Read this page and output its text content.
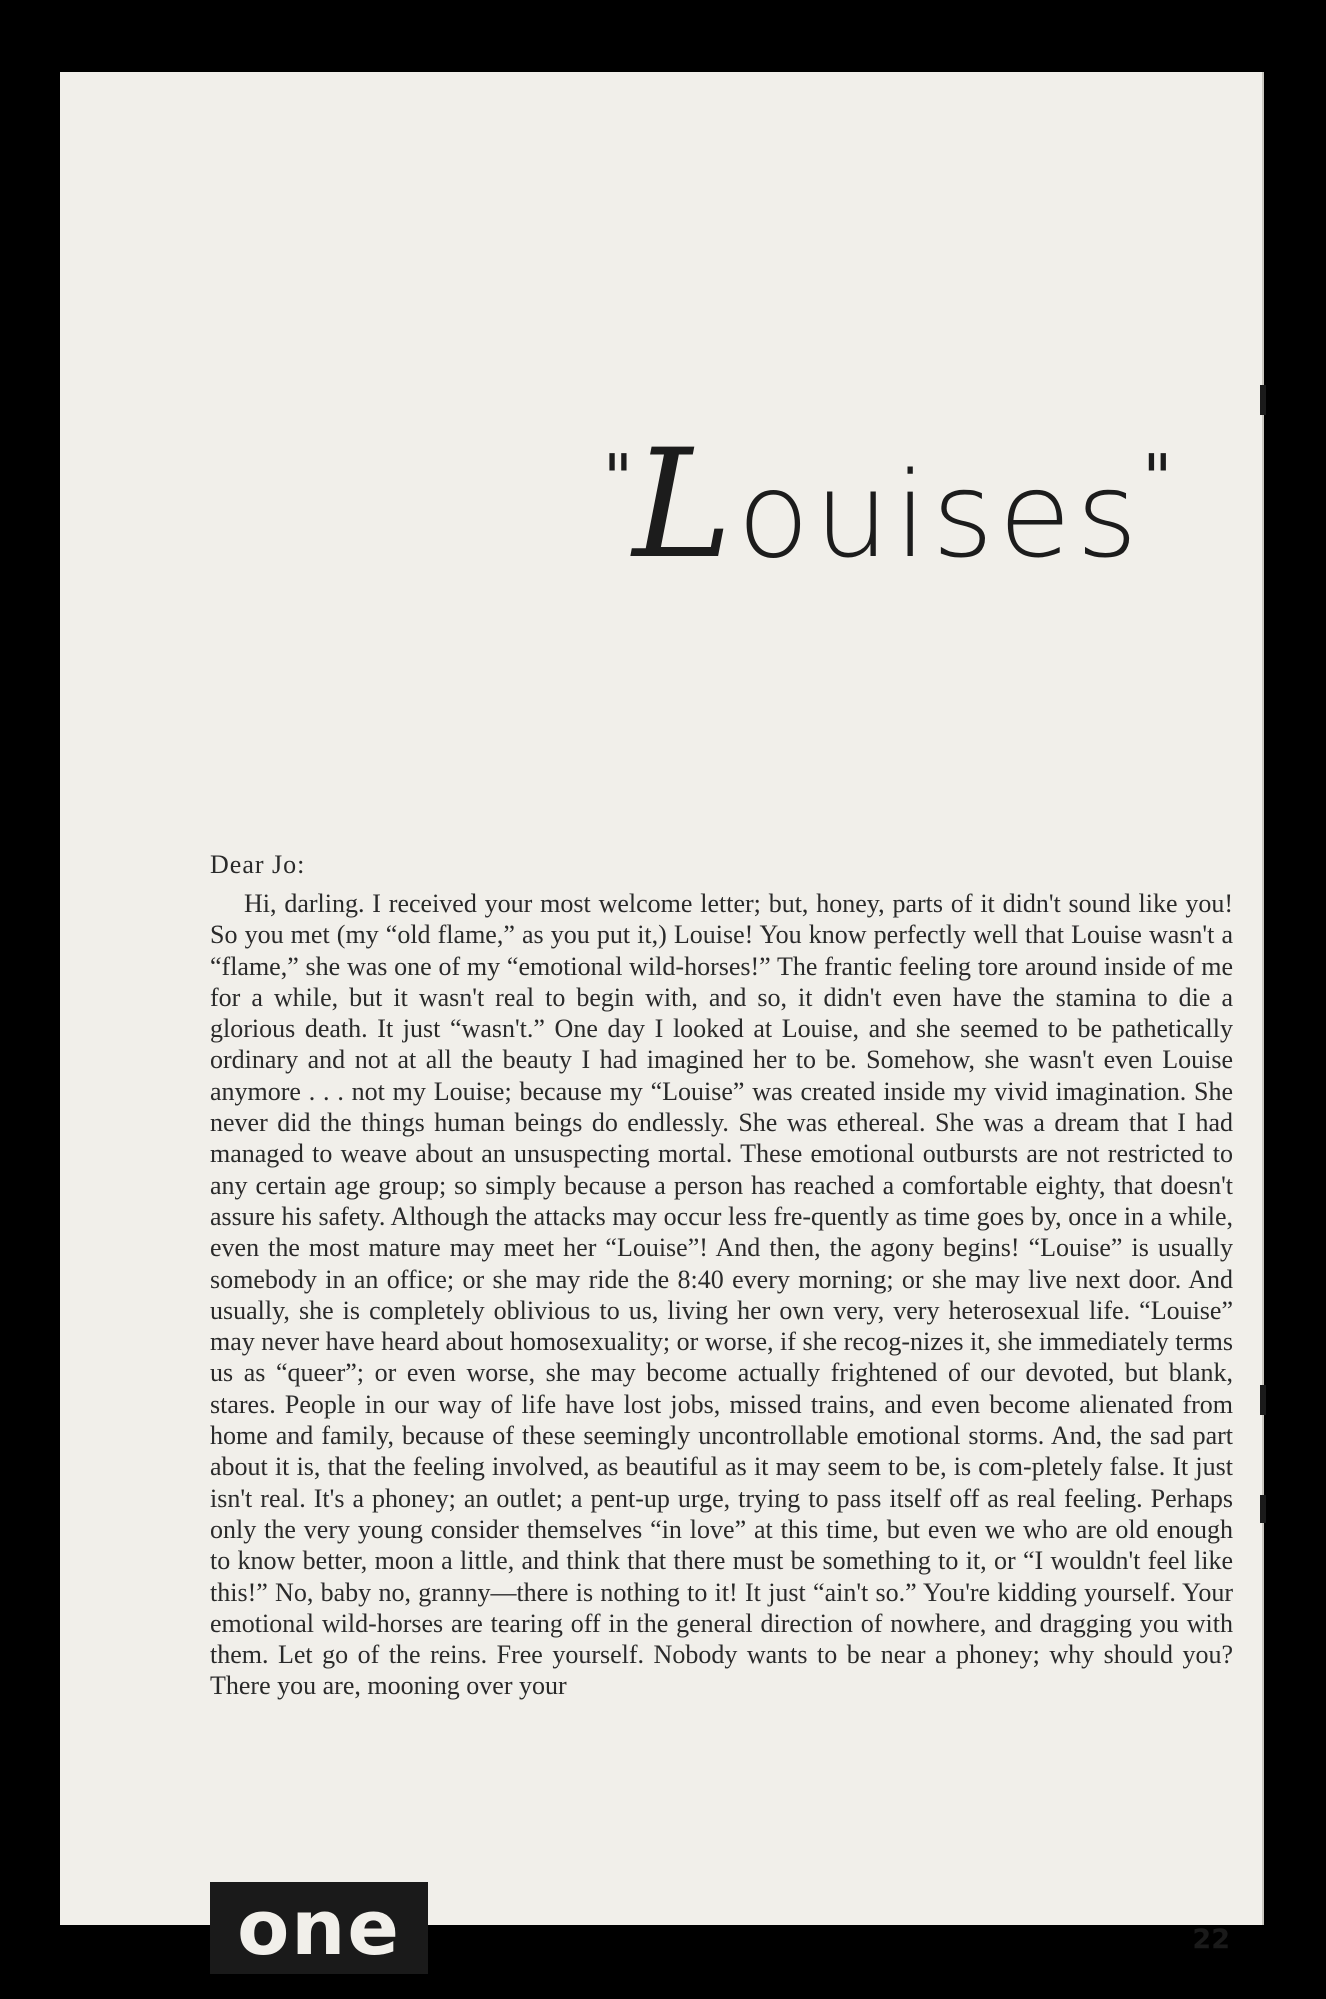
"Louises"
Dear Jo:

Hi, darling. I received your most welcome letter; but, honey, parts of it didn't sound like you! So you met (my “old flame,” as you put it,) Louise! You know perfectly well that Louise wasn't a “flame,” she was one of my “emotional wild-horses!” The frantic feeling tore around inside of me for a while, but it wasn't real to begin with, and so, it didn't even have the stamina to die a glorious death. It just “wasn't.” One day I looked at Louise, and she seemed to be pathetically ordinary and not at all the beauty I had imagined her to be. Somehow, she wasn't even Louise anymore . . . not my Louise; because my “Louise” was created inside my vivid imagination. She never did the things human beings do endlessly. She was ethereal. She was a dream that I had managed to weave about an unsuspecting mortal. These emotional outbursts are not restricted to any certain age group; so simply because a person has reached a comfortable eighty, that doesn't assure his safety. Although the attacks may occur less fre-quently as time goes by, once in a while, even the most mature may meet her “Louise”! And then, the agony begins! “Louise” is usually somebody in an office; or she may ride the 8:40 every morning; or she may live next door. And usually, she is completely oblivious to us, living her own very, very heterosexual life. “Louise” may never have heard about homosexuality; or worse, if she recog-nizes it, she immediately terms us as “queer”; or even worse, she may become actually frightened of our devoted, but blank, stares. People in our way of life have lost jobs, missed trains, and even become alienated from home and family, because of these seemingly uncontrollable emotional storms. And, the sad part about it is, that the feeling involved, as beautiful as it may seem to be, is com-pletely false. It just isn't real. It's a phoney; an outlet; a pent-up urge, trying to pass itself off as real feeling. Perhaps only the very young consider themselves “in love” at this time, but even we who are old enough to know better, moon a little, and think that there must be something to it, or “I wouldn't feel like this!” No, baby no, granny—there is nothing to it! It just “ain't so.” You're kidding yourself. Your emotional wild-horses are tearing off in the general direction of nowhere, and dragging you with them. Let go of the reins. Free yourself. Nobody wants to be near a phoney; why should you? There you are, mooning over your

one	22
